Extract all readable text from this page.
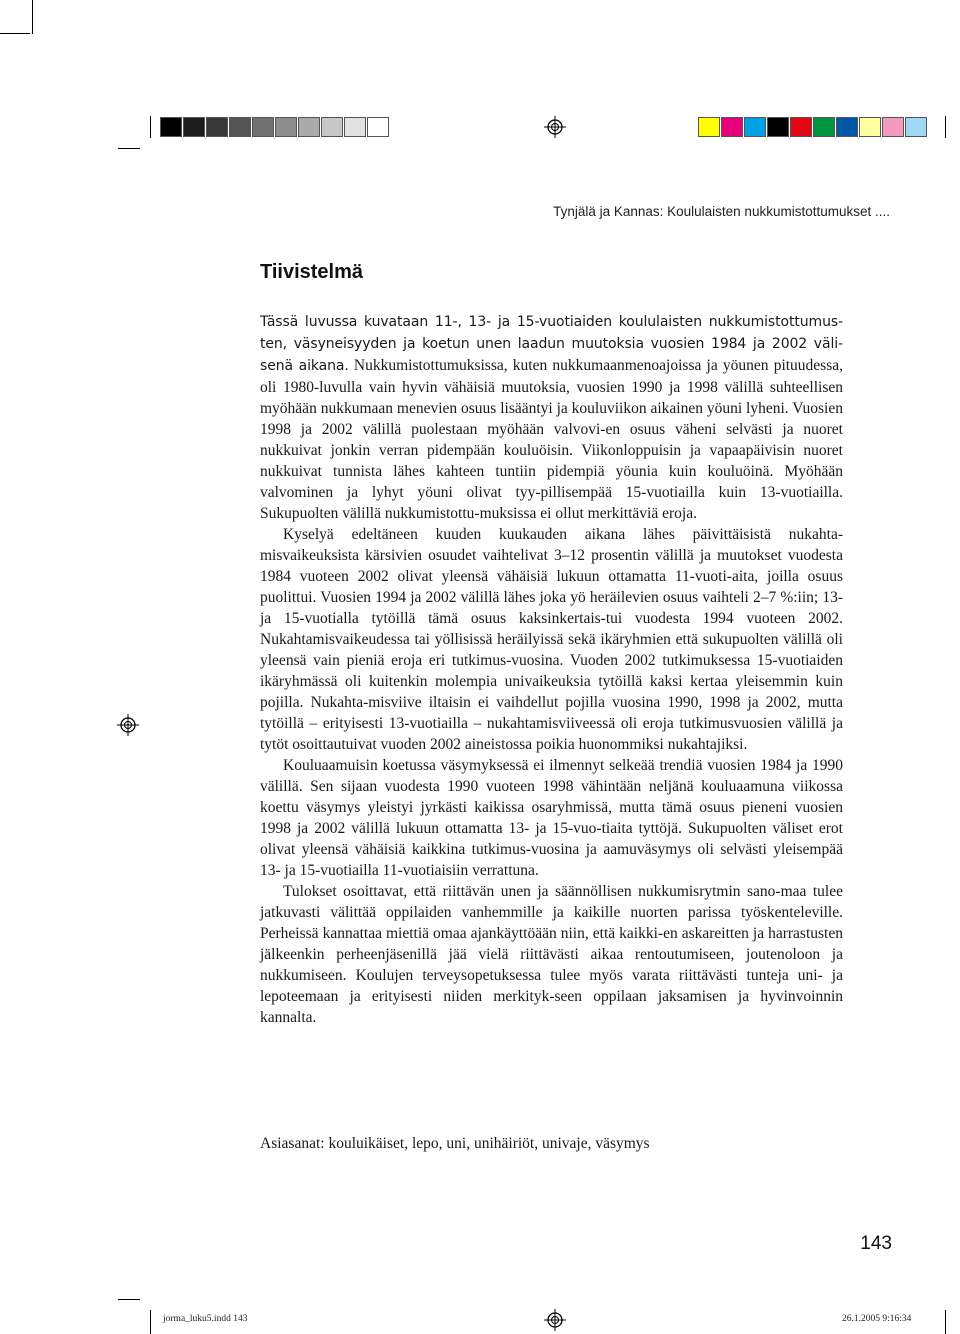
Tynjälä ja Kannas: Koululaisten nukkumistottumukset ....
Tiivistelmä

Tässä luvussa kuvataan 11-, 13- ja 15-vuotiaiden koululaisten nukkumistottumus-ten, väsyneisyyden ja koetun unen laadun muutoksia vuosien 1984 ja 2002 väli-senä aikana. Nukkumistottumuksissa, kuten nukkumaanmenoajoissa ja yöunen pituudessa, oli 1980-luvulla vain hyvin vähäisiä muutoksia, vuosien 1990 ja 1998 välillä suhteellisen myöhään nukkumaan menevien osuus lisääntyi ja kouluviikon aikainen yöuni lyheni. Vuosien 1998 ja 2002 välillä puolestaan myöhään valvovi-en osuus väheni selvästi ja nuoret nukkuivat jonkin verran pidempään kouluöisin. Viikonloppuisin ja vapaapäivisin nuoret nukkuivat tunnista lähes kahteen tuntiin pidempiä yöunia kuin kouluöinä. Myöhään valvominen ja lyhyt yöuni olivat tyy-pillisempää 15-vuotiailla kuin 13-vuotiailla. Sukupuolten välillä nukkumistottu-muksissa ei ollut merkittäviä eroja.

Kyselyä edeltäneen kuuden kuukauden aikana lähes päivittäisistä nukahta-misvaikeuksista kärsivien osuudet vaihtelivat 3–12 prosentin välillä ja muutokset vuodesta 1984 vuoteen 2002 olivat yleensä vähäisiä lukuun ottamatta 11-vuoti-aita, joilla osuus puolittui. Vuosien 1994 ja 2002 välillä lähes joka yö heräilevien osuus vaihteli 2–7 %:iin; 13- ja 15-vuotialla tytöillä tämä osuus kaksinkertais-tui vuodesta 1994 vuoteen 2002. Nukahtamisvaikeudessa tai yöllisissä heräilyissä sekä ikäryhmien että sukupuolten välillä oli yleensä vain pieniä eroja eri tutkimus-vuosina. Vuoden 2002 tutkimuksessa 15-vuotiaiden ikäryhmässä oli kuitenkin molempia univaikeuksia tytöillä kaksi kertaa yleisemmin kuin pojilla. Nukahta-misviive iltaisin ei vaihdellut pojilla vuosina 1990, 1998 ja 2002, mutta tytöillä – erityisesti 13-vuotiailla – nukahtamisviiveessä oli eroja tutkimusvuosien välillä ja tytöt osoittautuivat vuoden 2002 aineistossa poikia huonommiksi nukahtajiksi.

Kouluaamuisin koetussa väsymyksessä ei ilmennyt selkeää trendiä vuosien 1984 ja 1990 välillä. Sen sijaan vuodesta 1990 vuoteen 1998 vähintään neljänä kouluaamuna viikossa koettu väsymys yleistyi jyrkästi kaikissa osaryhmissä, mutta tämä osuus pieneni vuosien 1998 ja 2002 välillä lukuun ottamatta 13- ja 15-vuo-tiaita tyttöjä. Sukupuolten väliset erot olivat yleensä vähäisiä kaikkina tutkimus-vuosina ja aamuväsymys oli selvästi yleisempää 13- ja 15-vuotiailla 11-vuotiaisiin verrattuna.

Tulokset osoittavat, että riittävän unen ja säännöllisen nukkumisrytmin sano-maa tulee jatkuvasti välittää oppilaiden vanhemmille ja kaikille nuorten parissa työskenteleville. Perheissä kannattaa miettiä omaa ajankäyttöään niin, että kaikki-en askareitten ja harrastusten jälkeenkin perheenjäsenillä jää vielä riittävästi aikaa rentoutumiseen, joutenoloon ja nukkumiseen. Koulujen terveysopetuksessa tulee myös varata riittävästi tunteja uni- ja lepoteemaan ja erityisesti niiden merkityk-seen oppilaan jaksamisen ja hyvinvoinnin kannalta.

Asiasanat: kouluikäiset, lepo, uni, unihäiriöt, univaje, väsymys
143
jorma_luku5.indd 143	26.1.2005 9:16:34
